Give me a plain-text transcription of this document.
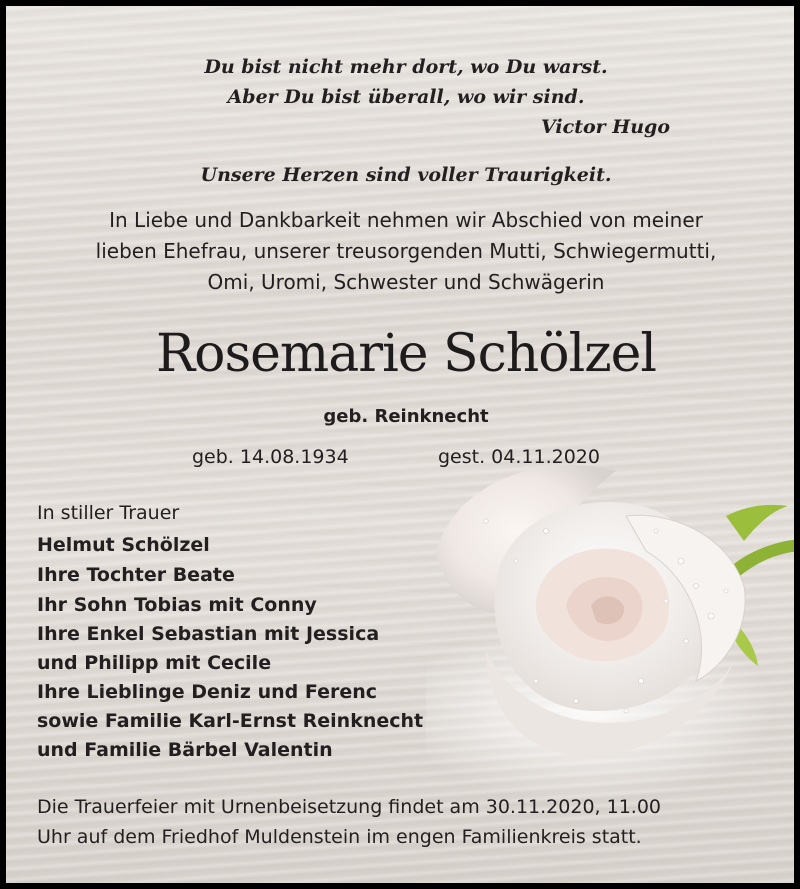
Du bist nicht mehr dort, wo Du warst.
Aber Du bist überall, wo wir sind.
Victor Hugo
Unsere Herzen sind voller Traurigkeit.
In Liebe und Dankbarkeit nehmen wir Abschied von meiner
lieben Ehefrau, unserer treusorgenden Mutti, Schwiegermutti,
Omi, Uromi, Schwester und Schwägerin
Rosemarie Schölzel
geb. Reinknecht
geb. 14.08.1934	gest. 04.11.2020
In stiller Trauer
Helmut Schölzel
Ihre Tochter Beate
Ihr Sohn Tobias mit Conny
Ihre Enkel Sebastian mit Jessica
und Philipp mit Cecile
Ihre Lieblinge Deniz und Ferenc
sowie Familie Karl-Ernst Reinknecht
und Familie Bärbel Valentin
Die Trauerfeier mit Urnenbeisetzung findet am 30.11.2020, 11.00
Uhr auf dem Friedhof Muldenstein im engen Familienkreis statt.
